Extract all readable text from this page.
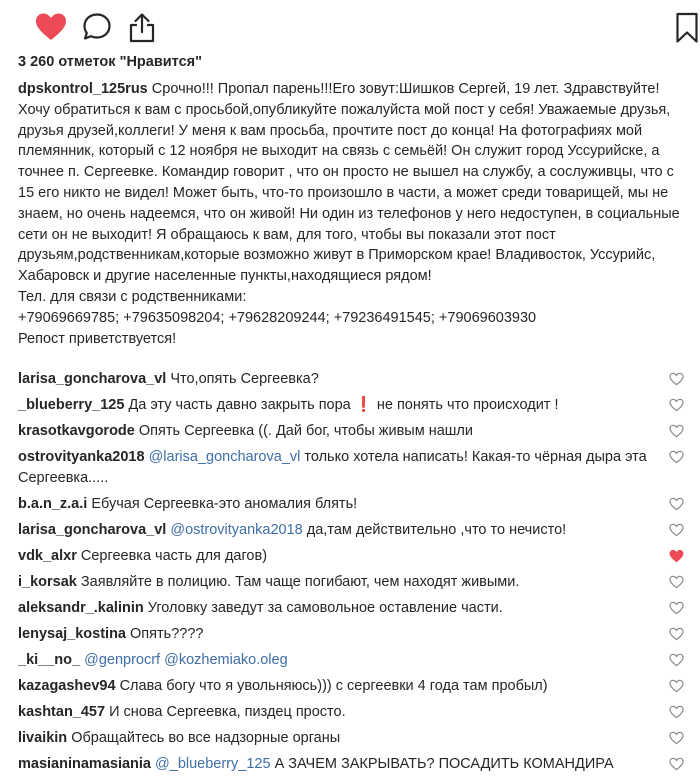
3 260 отметок "Нравится"

dpskontrol_125rus Срочно!!! Пропал парень!!!Его зовут:Шишков Сергей, 19 лет. Здравствуйте! Хочу обратиться к вам с просьбой,опубликуйте пожалуйста мой пост у себя! Уважаемые друзья, друзья друзей,коллеги! У меня к вам просьба, прочтите пост до конца! На фотографиях мой племянник, который с 12 ноября не выходит на связь с семьёй! Он служит город Уссурийске, а точнее п. Сергеевке. Командир говорит , что он просто не вышел на службу, а сослуживцы, что с 15 его никто не видел! Может быть, что-то произошло в части, а может среди товарищей, мы не знаем, но очень надеемся, что он живой! Ни один из телефонов у него недоступен, в социальные сети он не выходит! Я обращаюсь к вам, для того, чтобы вы показали этот пост друзьям,родственникам,которые возможно живут в Приморском крае! Владивосток, Уссурийс, Хабаровск и другие населенные пункты,находящиеся рядом!

Тел. для связи с родственниками:

+79069669785; +79635098204; +79628209244; +79236491545; +79069603930

Репост приветствуется!

larisa_goncharova_vl Что,опять Сергеевка?
_blueberry_125 Да эту часть давно закрыть пора ❗ не понять что происходит !
krasotkavgorode Опять Сергеевка ((. Дай бог, чтобы живым нашли
ostrovityanka2018 @larisa_goncharova_vl только хотела написать! Какая-то чёрная дыра эта Сергеевка.....
b.a.n_z.a.i Ебучая Сергеевка-это аномалия блять!
larisa_goncharova_vl @ostrovityanka2018 да,там действительно ,что то нечисто!
vdk_alxr Сергеевка часть для дагов)
i_korsak Заявляйте в полицию. Там чаще погибают, чем находят живыми.
aleksandr_.kalinin Уголовку заведут за самовольное оставление части.
lenysaj_kostina Опять????
_ki__no_ @genprocrf @kozhemiako.oleg
kazagashev94 Слава богу что я увольняюсь))) с сергеевки 4 года там пробыл)
kashtan_457 И снова Сергеевка, пиздец просто.
livaikin Обращайтесь во все надзорные органы
masianinamasiania @_blueberry_125 А ЗАЧЕМ ЗАКРЫВАТЬ? ПОСАДИТЬ КОМАНДИРА
